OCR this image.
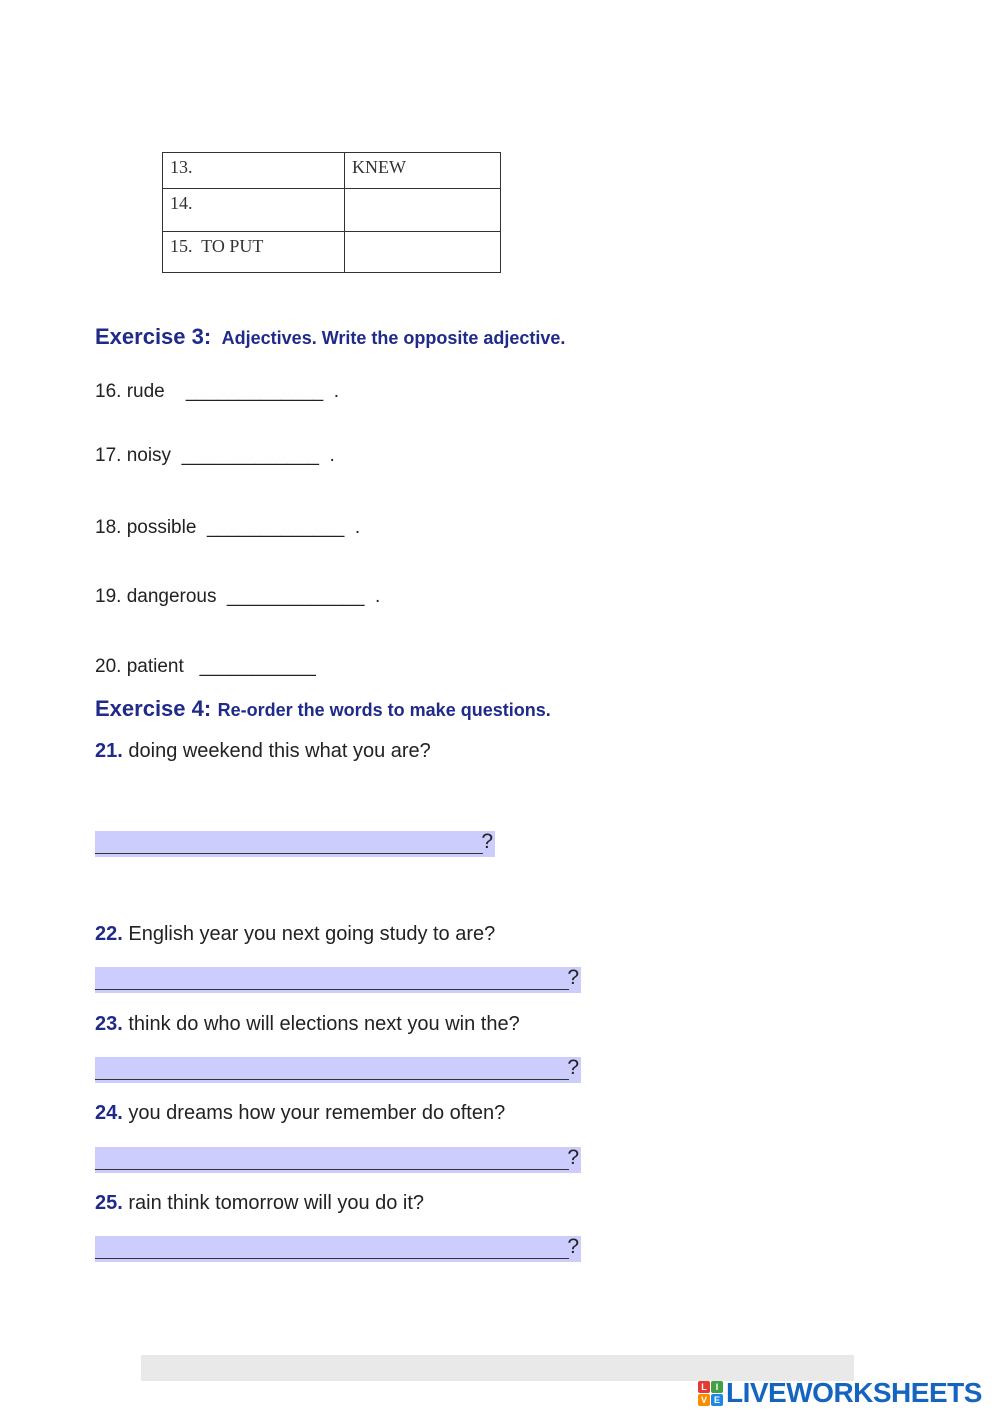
13.	KNEW
14.	
15.  TO PUT	
Exercise 3: Adjectives. Write the opposite adjective.
16. rude    _____________  .
17. noisy  _____________  .
18. possible  _____________  .
19. dangerous  _____________  .
20. patient   ___________
Exercise 4: Re-order the words to make questions.
21. doing weekend this what you are?
?
22. English year you next going study to are?
?
23. think do who will elections next you win the?
?
24. you dreams how your remember do often?
?
25. rain think tomorrow will you do it?
?
L I
V E LIVEWORKSHEETS
